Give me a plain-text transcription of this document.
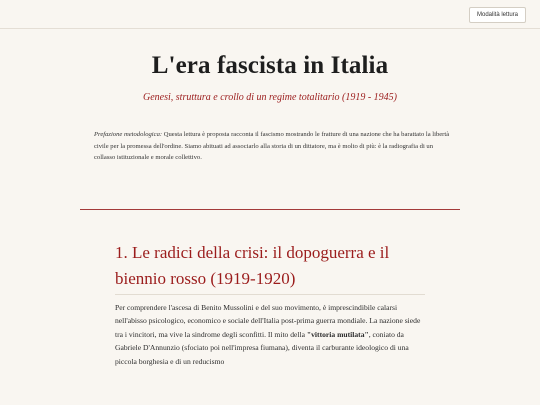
Modalità lettura
L'era fascista in Italia

Genesi, struttura e crollo di un regime totalitario (1919 - 1945)

Prefazione metodologica: Questa lettura è proposta racconta il fascismo mostrando le fratture di una nazione che ha barattato la libertà civile per la promessa dell'ordine. Siamo abituati ad associarlo alla storia di un dittatore, ma è molto di più: è la radiografia di un collasso istituzionale e morale collettivo.

1. Le radici della crisi: il dopoguerra e il biennio rosso (1919-1920)

Per comprendere l'ascesa di Benito Mussolini e del suo movimento, è imprescindibile calarsi nell'abisso psicologico, economico e sociale dell'Italia post-prima guerra mondiale. La nazione siede tra i vincitori, ma vive la sindrome degli sconfitti. Il mito della "vittoria mutilata", coniato da Gabriele D'Annunzio (sfociato poi nell'impresa fiumana), diventa il carburante ideologico di una piccola borghesia e di un reducismo
